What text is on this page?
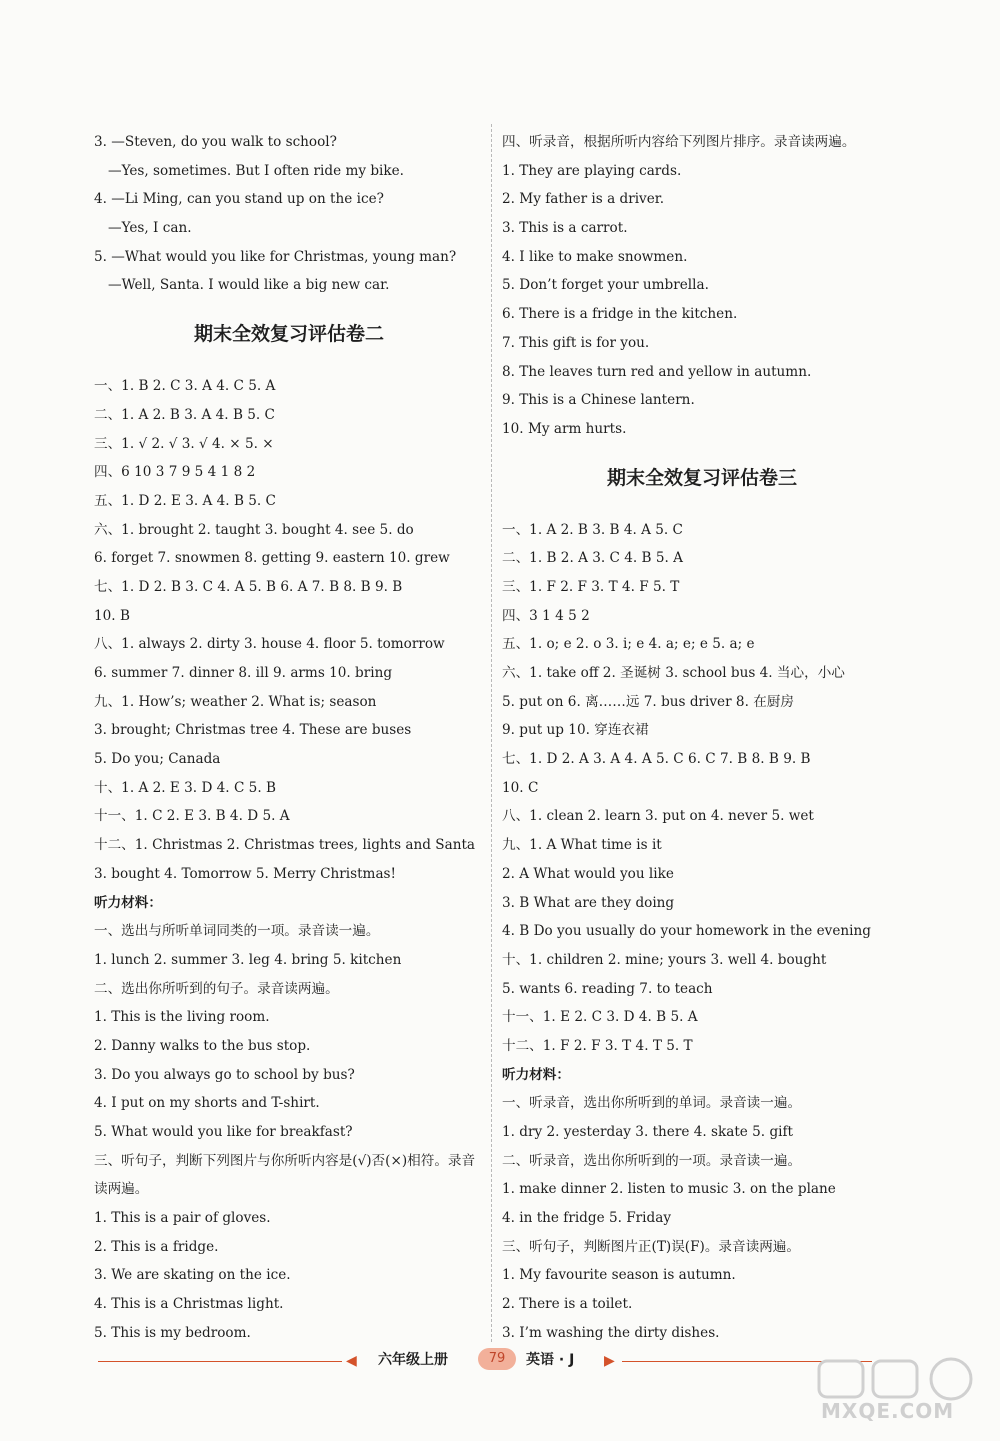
3. —Steven, do you walk to school?
—Yes, sometimes. But I often ride my bike.
4. —Li Ming, can you stand up on the ice?
—Yes, I can.
5. —What would you like for Christmas, young man?
—Well, Santa. I would like a big new car.
期末全效复习评估卷二
一、1. B 2. C 3. A 4. C 5. A
二、1. A 2. B 3. A 4. B 5. C
三、1. √ 2. √ 3. √ 4. × 5. ×
四、6 10 3 7 9 5 4 1 8 2
五、1. D 2. E 3. A 4. B 5. C
六、1. brought 2. taught 3. bought 4. see 5. do
6. forget 7. snowmen 8. getting 9. eastern 10. grew
七、1. D 2. B 3. C 4. A 5. B 6. A 7. B 8. B 9. B
10. B
八、1. always 2. dirty 3. house 4. floor 5. tomorrow
6. summer 7. dinner 8. ill 9. arms 10. bring
九、1. How’s; weather 2. What is; season
3. brought; Christmas tree 4. These are buses
5. Do you; Canada
十、1. A 2. E 3. D 4. C 5. B
十一、1. C 2. E 3. B 4. D 5. A
十二、1. Christmas 2. Christmas trees, lights and Santa
3. bought 4. Tomorrow 5. Merry Christmas!
听力材料：
一、选出与所听单词同类的一项。录音读一遍。
1. lunch 2. summer 3. leg 4. bring 5. kitchen
二、选出你所听到的句子。录音读两遍。
1. This is the living room.
2. Danny walks to the bus stop.
3. Do you always go to school by bus?
4. I put on my shorts and T-shirt.
5. What would you like for breakfast?
三、听句子，判断下列图片与你所听内容是(√)否(×)相符。录音读两遍。
1. This is a pair of gloves.
2. This is a fridge.
3. We are skating on the ice.
4. This is a Christmas light.
5. This is my bedroom.
四、听录音，根据所听内容给下列图片排序。录音读两遍。
1. They are playing cards.
2. My father is a driver.
3. This is a carrot.
4. I like to make snowmen.
5. Don’t forget your umbrella.
6. There is a fridge in the kitchen.
7. This gift is for you.
8. The leaves turn red and yellow in autumn.
9. This is a Chinese lantern.
10. My arm hurts.
期末全效复习评估卷三
一、1. A 2. B 3. B 4. A 5. C
二、1. B 2. A 3. C 4. B 5. A
三、1. F 2. F 3. T 4. F 5. T
四、3 1 4 5 2
五、1. o; e 2. o 3. i; e 4. a; e; e 5. a; e
六、1. take off 2. 圣诞树 3. school bus 4. 当心，小心
5. put on 6. 离……远 7. bus driver 8. 在厨房
9. put up 10. 穿连衣裙
七、1. D 2. A 3. A 4. A 5. C 6. C 7. B 8. B 9. B
10. C
八、1. clean 2. learn 3. put on 4. never 5. wet
九、1. A What time is it
2. A What would you like
3. B What are they doing
4. B Do you usually do your homework in the evening
十、1. children 2. mine; yours 3. well 4. bought
5. wants 6. reading 7. to teach
十一、1. E 2. C 3. D 4. B 5. A
十二、1. F 2. F 3. T 4. T 5. T
听力材料：
一、听录音，选出你所听到的单词。录音读一遍。
1. dry 2. yesterday 3. there 4. skate 5. gift
二、听录音，选出你所听到的一项。录音读一遍。
1. make dinner 2. listen to music 3. on the plane
4. in the fridge 5. Friday
三、听句子，判断图片正(T)误(F)。录音读两遍。
1. My favourite season is autumn.
2. There is a toilet.
3. I’m washing the dirty dishes.
◀ 六年级上册	79	英语 · J ▶
MXQE.COM
